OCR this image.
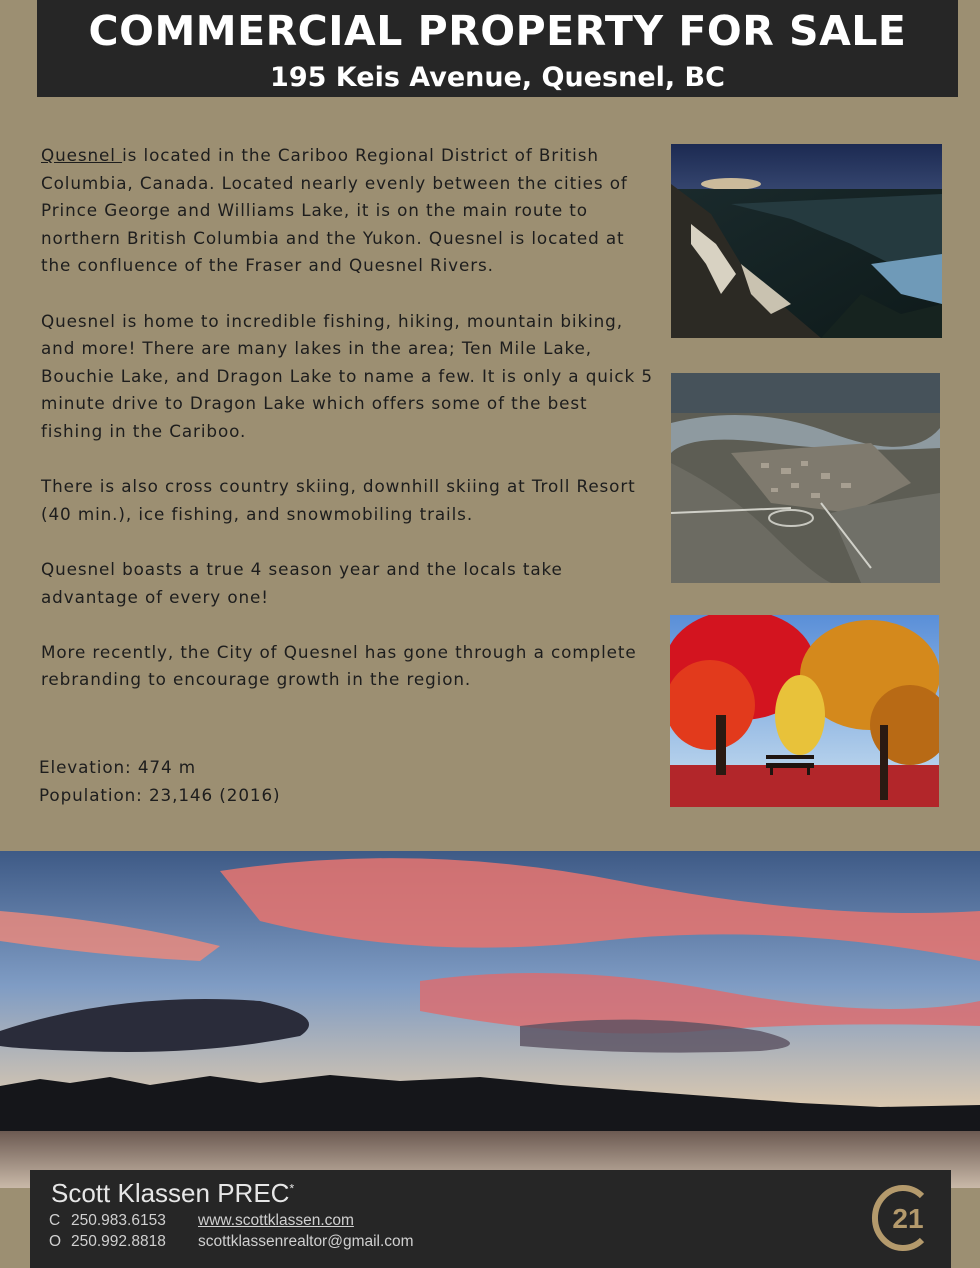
COMMERCIAL PROPERTY FOR SALE
195 Keis Avenue, Quesnel, BC

Quesnel is located in the Cariboo Regional District of British Columbia, Canada. Located nearly evenly between the cities of Prince George and Williams Lake, it is on the main route to northern British Columbia and the Yukon. Quesnel is located at the confluence of the Fraser and Quesnel Rivers.

Quesnel is home to incredible fishing, hiking, mountain biking, and more! There are many lakes in the area; Ten Mile Lake, Bouchie Lake, and Dragon Lake to name a few. It is only a quick 5 minute drive to Dragon Lake which offers some of the best fishing in the Cariboo.

There is also cross country skiing, downhill skiing at Troll Resort (40 min.), ice fishing, and snowmobiling trails.

Quesnel boasts a true 4 season year and the locals take advantage of every one!

More recently, the City of Quesnel has gone through a complete rebranding to encourage growth in the region.

Elevation: 474 m
Population: 23,146 (2016)
Scott Klassen PREC*
C 250.983.6153 www.scottklassen.com
O 250.992.8818 scottklassenrealtor@gmail.com
21
